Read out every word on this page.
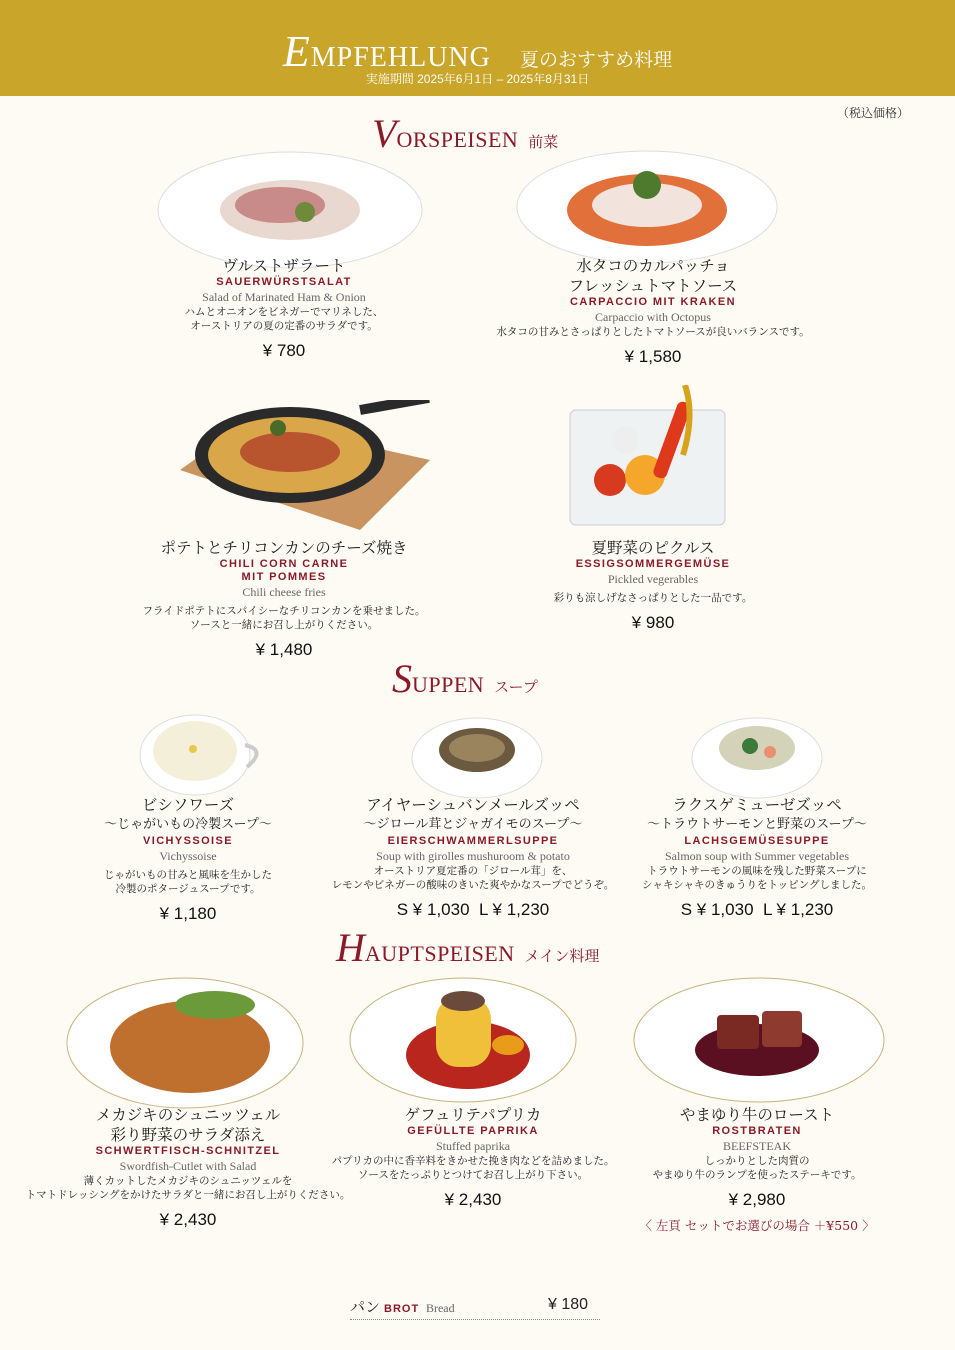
EMPFEHLUNG 夏のおすすめ料理
実施期間 2025年6月1日 – 2025年8月31日
（税込価格）
VORSPEISEN 前菜
SUPPEN スープ
HAUPTSPEISEN メイン料理
ヴルストザラート
SAUERWÜRSTSALAT
Salad of Marinated Ham & Onion
ハムとオニオンをビネガーでマリネした、
オーストリアの夏の定番のサラダです。
¥ 780
水タコのカルパッチョ
フレッシュトマトソース
CARPACCIO MIT KRAKEN
Carpaccio with Octopus
水タコの甘みとさっぱりとしたトマトソースが良いバランスです。
¥ 1,580
ポテトとチリコンカンのチーズ焼き
CHILI CORN CARNE
MIT POMMES
Chili cheese fries
フライドポテトにスパイシーなチリコンカンを乗せました。
ソースと一緒にお召し上がりください。
¥ 1,480
夏野菜のピクルス
ESSIGSOMMERGEMÜSE
Pickled vegerables
彩りも涼しげなさっぱりとした一品です。
¥ 980
ビシソワーズ
〜じゃがいもの冷製スープ〜
VICHYSSOISE
Vichyssoise
じゃがいもの甘みと風味を生かした
冷製のポタージュスープです。
¥ 1,180
アイヤーシュバンメールズッペ
〜ジロール茸とジャガイモのスープ〜
EIERSCHWAMMERLSUPPE
Soup with girolles mushuroom & potato
オーストリア夏定番の「ジロール茸」を、
レモンやビネガーの酸味のきいた爽やかなスープでどうぞ。
S ¥ 1,030  L ¥ 1,230
ラクスゲミューゼズッペ
〜トラウトサーモンと野菜のスープ〜
LACHSGEMÜSESUPPE
Salmon soup with Summer vegetables
トラウトサーモンの風味を残した野菜スープに
シャキシャキのきゅうりをトッピングしました。
S ¥ 1,030  L ¥ 1,230
メカジキのシュニッツェル
彩り野菜のサラダ添え
SCHWERTFISCH-SCHNITZEL
Swordfish-Cutlet with Salad
薄くカットしたメカジキのシュニッツェルを
トマトドレッシングをかけたサラダと一緒にお召し上がりください。
¥ 2,430
ゲフュリテパプリカ
GEFÜLLTE PAPRIKA
Stuffed paprika
パプリカの中に香辛料をきかせた挽き肉などを詰めました。
ソースをたっぷりとつけてお召し上がり下さい。
¥ 2,430
やまゆり牛のロースト
ROSTBRATEN
BEEFSTEAK
しっかりとした肉質の
やまゆり牛のランプを使ったステーキです。
¥ 2,980
〈 左頁 セットでお選びの場合 ＋¥550 〉
パン BROT Bread	¥ 180
